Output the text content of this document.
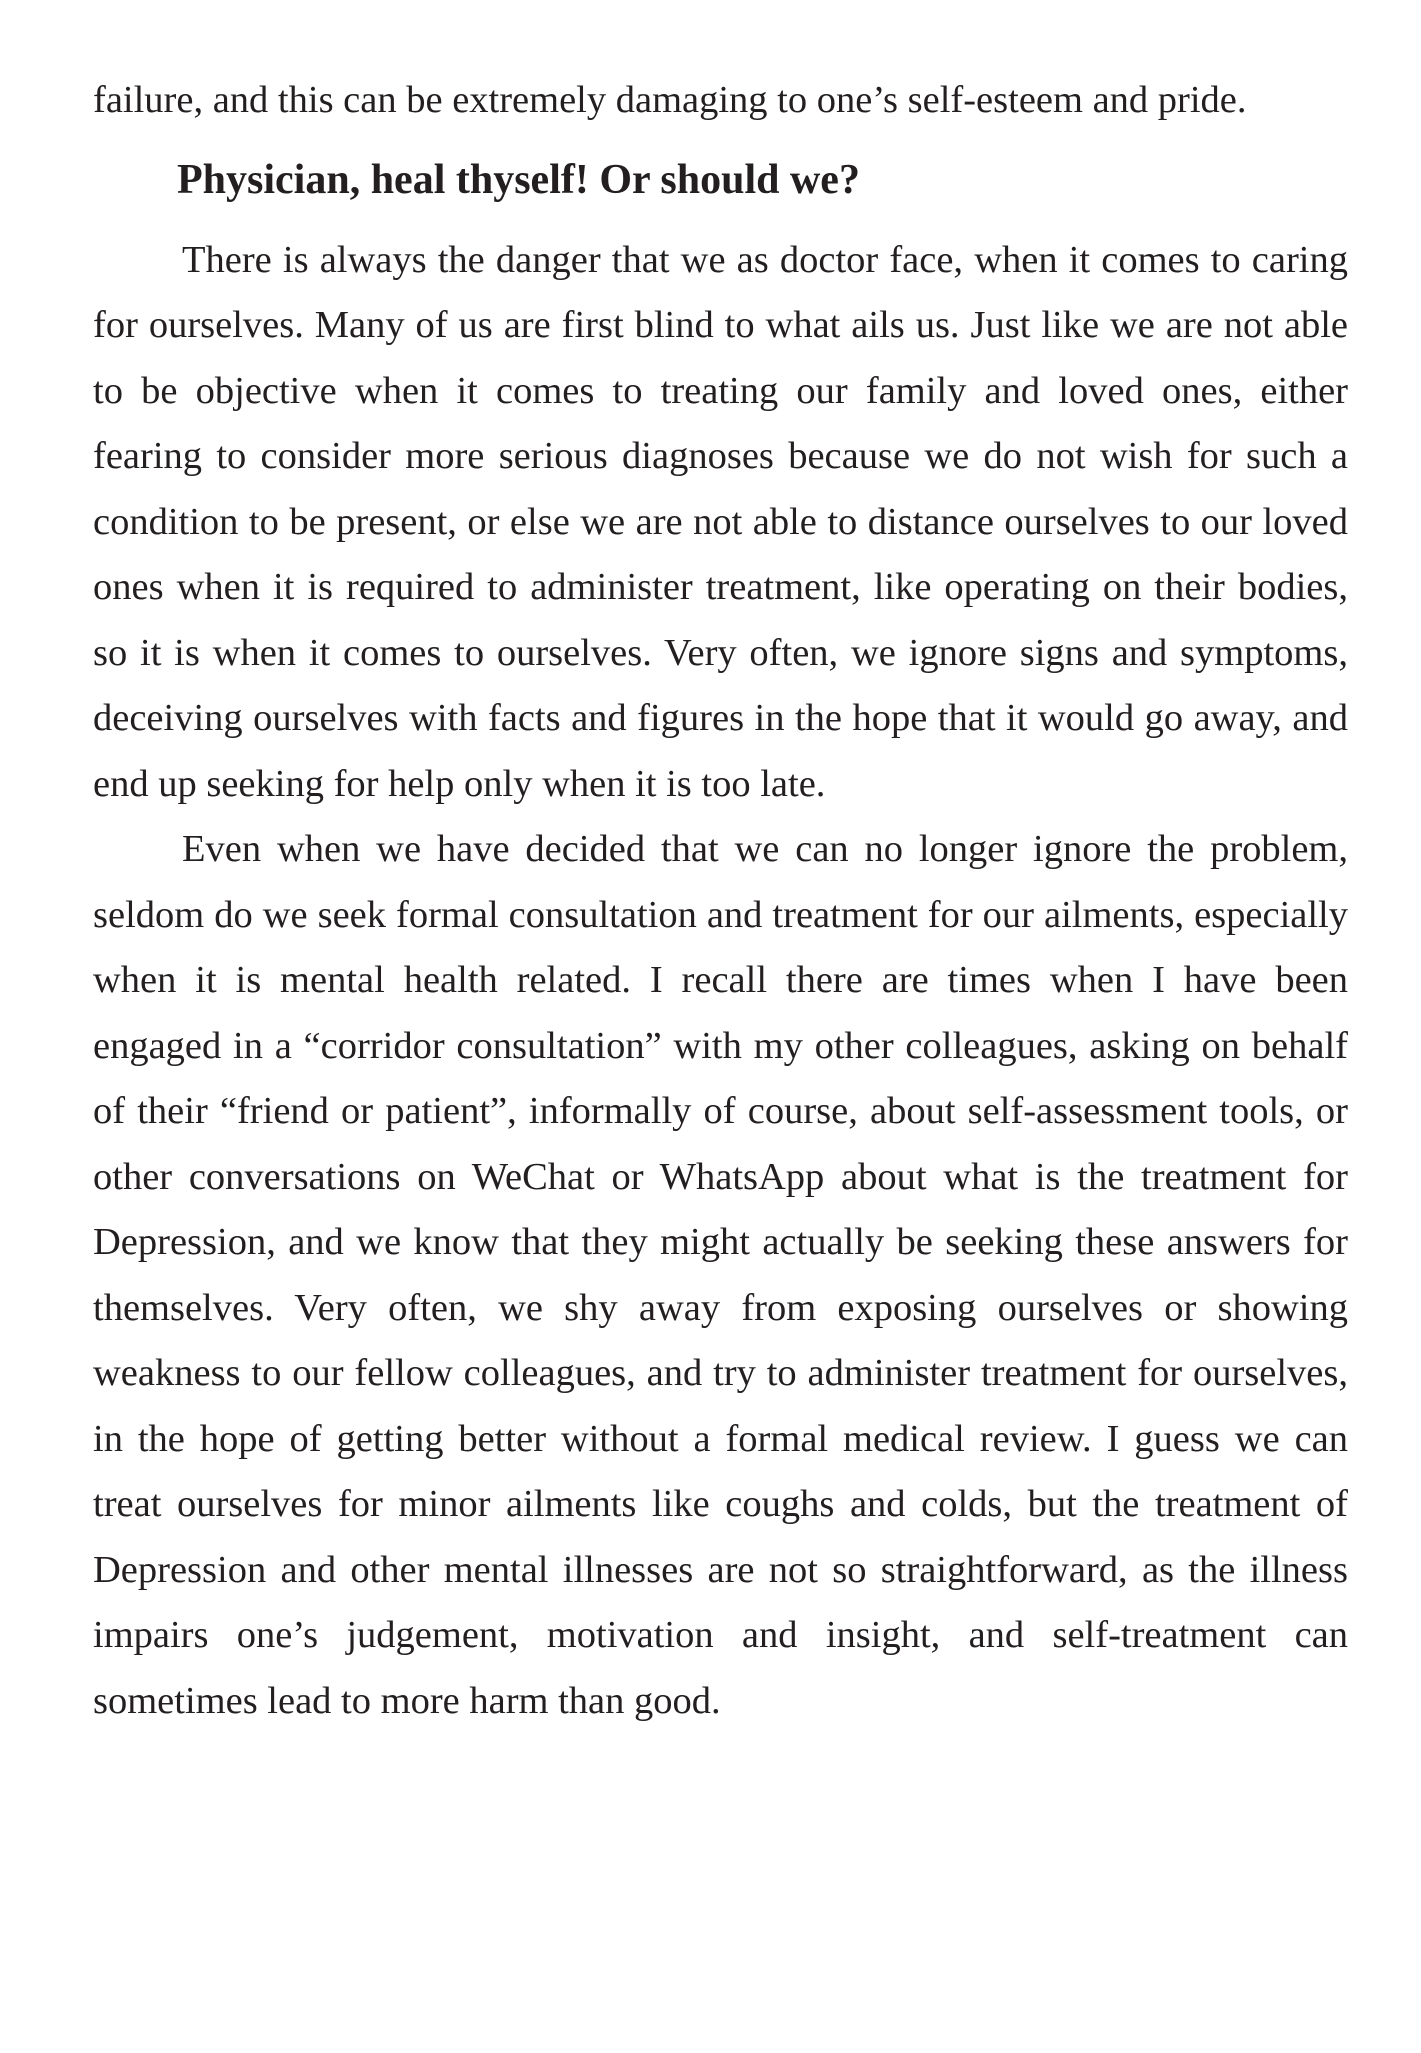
failure, and this can be extremely damaging to one’s self-esteem and pride.

Physician, heal thyself! Or should we?

There is always the danger that we as doctor face, when it comes to caring for ourselves. Many of us are first blind to what ails us. Just like we are not able to be objective when it comes to treating our family and loved ones, either fearing to consider more serious diagnoses because we do not wish for such a condition to be present, or else we are not able to distance ourselves to our loved ones when it is required to administer treatment, like operating on their bodies, so it is when it comes to ourselves. Very often, we ignore signs and symptoms, deceiving ourselves with facts and figures in the hope that it would go away, and end up seeking for help only when it is too late.

Even when we have decided that we can no longer ignore the problem, seldom do we seek formal consultation and treatment for our ailments, especially when it is mental health related. I recall there are times when I have been engaged in a “corridor consultation” with my other colleagues, asking on behalf of their “friend or patient”, informally of course, about self-assessment tools, or other conversations on WeChat or WhatsApp about what is the treatment for Depression, and we know that they might actually be seeking these answers for themselves. Very often, we shy away from exposing ourselves or showing weakness to our fellow colleagues, and try to administer treatment for ourselves, in the hope of getting better without a formal medical review. I guess we can treat ourselves for minor ailments like coughs and colds, but the treatment of Depression and other mental illnesses are not so straightforward, as the illness impairs one’s judgement, motivation and insight, and self-treatment can sometimes lead to more harm than good.
